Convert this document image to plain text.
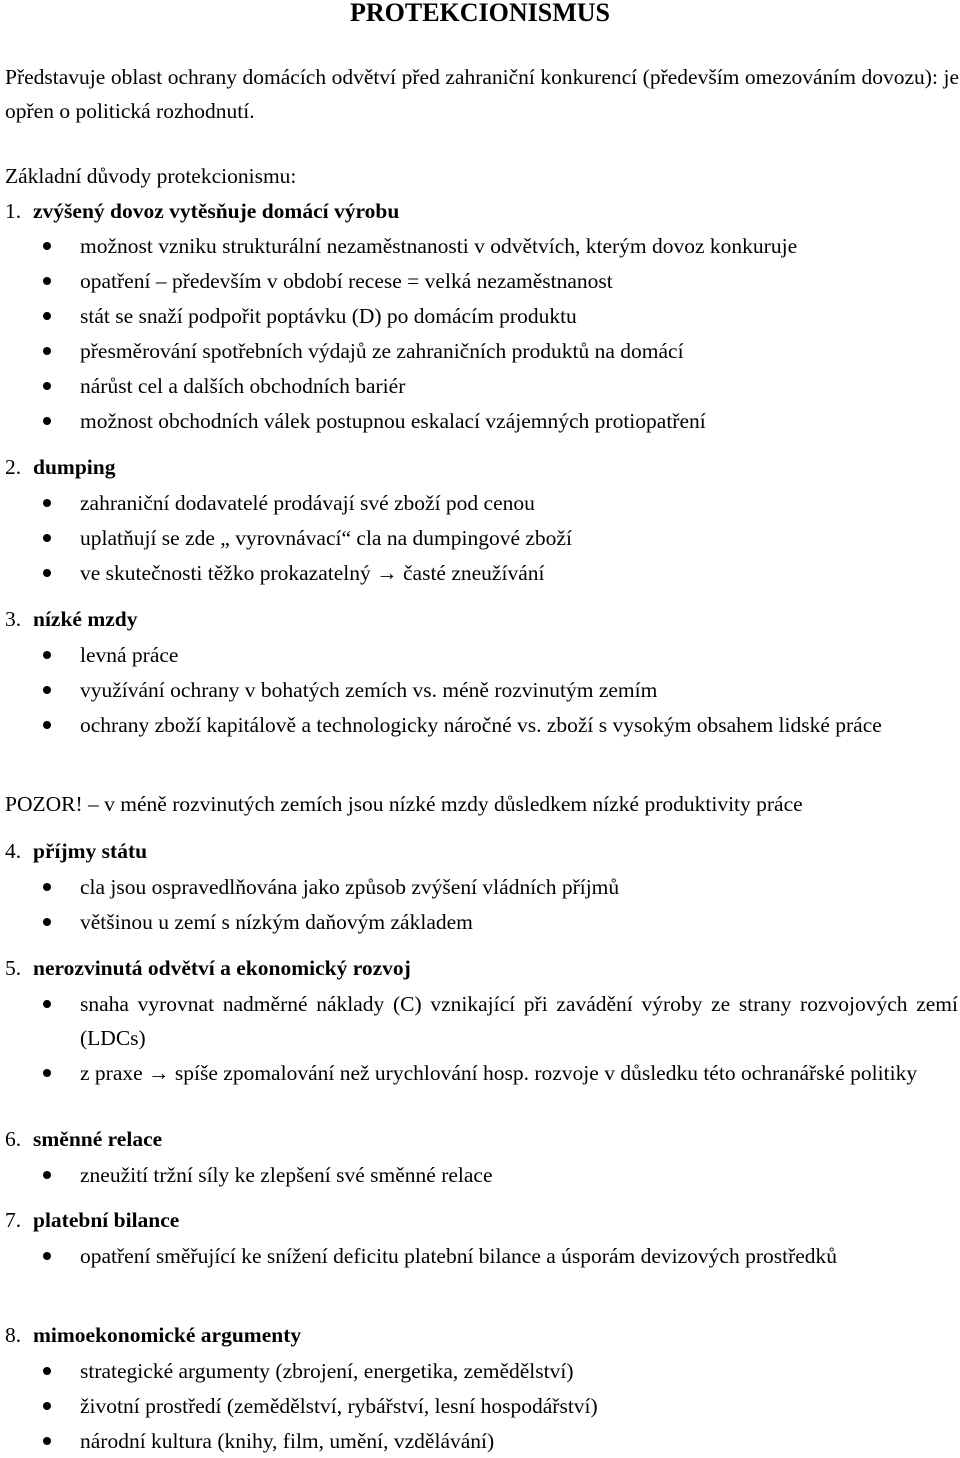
PROTEKCIONISMUS
Představuje oblast ochrany domácích odvětví před zahraniční konkurencí (především omezováním dovozu): je opřen o politická rozhodnutí.
Základní důvody protekcionismu:
1. zvýšený dovoz vytěsňuje domácí výrobu
možnost vzniku strukturální nezaměstnanosti v odvětvích, kterým dovoz konkuruje
opatření – především v období recese = velká nezaměstnanost
stát se snaží podpořit poptávku (D) po domácím produktu
přesměrování spotřebních výdajů ze zahraničních produktů na domácí
nárůst cel a dalších obchodních bariér
možnost obchodních válek postupnou eskalací vzájemných protiopatření
2. dumping
zahraniční dodavatelé prodávají své zboží pod cenou
uplatňují se zde „ vyrovnávací“ cla na dumpingové zboží
ve skutečnosti těžko prokazatelný → časté zneužívání
3. nízké mzdy
levná práce
využívání ochrany v bohatých zemích vs. méně rozvinutým zemím
ochrany zboží kapitálově a technologicky náročné vs. zboží s vysokým obsahem lidské práce
POZOR! – v méně rozvinutých zemích jsou nízké mzdy důsledkem nízké produktivity práce
4. příjmy státu
cla jsou ospravedlňována jako způsob zvýšení vládních příjmů
většinou u zemí s nízkým daňovým základem
5. nerozvinutá odvětví a ekonomický rozvoj
snaha vyrovnat nadměrné náklady (C) vznikající při zavádění výroby ze strany rozvojových zemí (LDCs)
z praxe → spíše zpomalování než urychlování hosp. rozvoje v důsledku této ochranářské politiky
6. směnné relace
zneužití tržní síly ke zlepšení své směnné relace
7. platební bilance
opatření směřující ke snížení deficitu platební bilance a úsporám devizových prostředků
8. mimoekonomické argumenty
strategické argumenty (zbrojení, energetika, zemědělství)
životní prostředí (zemědělství, rybářství, lesní hospodářství)
národní kultura (knihy, film, umění, vzdělávání)
